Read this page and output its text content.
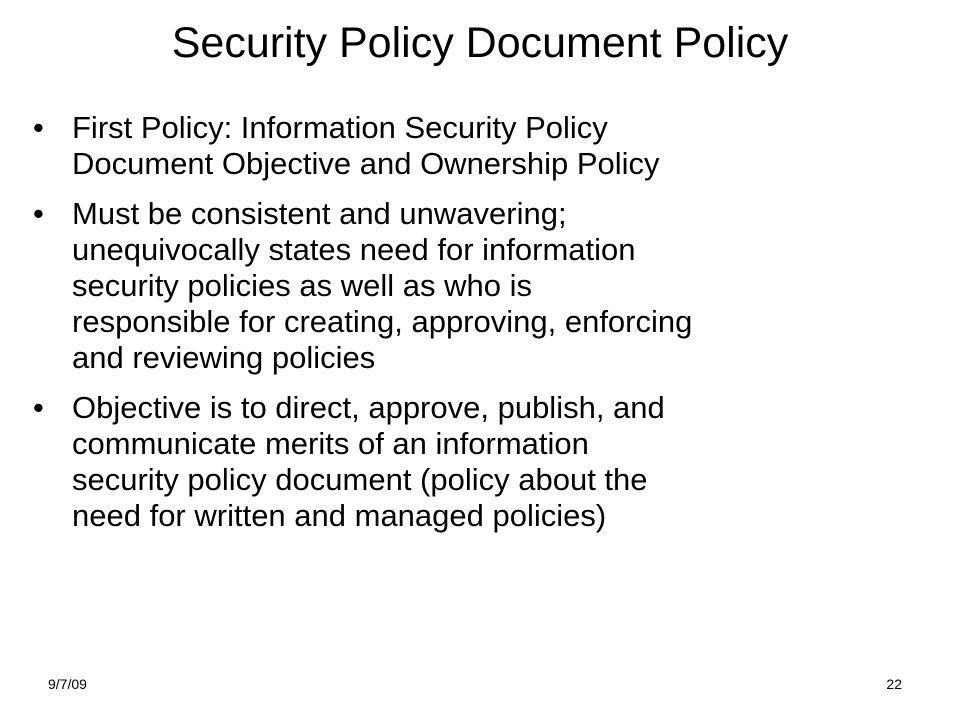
Security Policy Document Policy
• First Policy: Information Security Policy
Document Objective and Ownership Policy
• Must be consistent and unwavering;
unequivocally states need for information
security policies as well as who is
responsible for creating, approving, enforcing
and reviewing policies
• Objective is to direct, approve, publish, and
communicate merits of an information
security policy document (policy about the
need for written and managed policies)
9/7/09	22
